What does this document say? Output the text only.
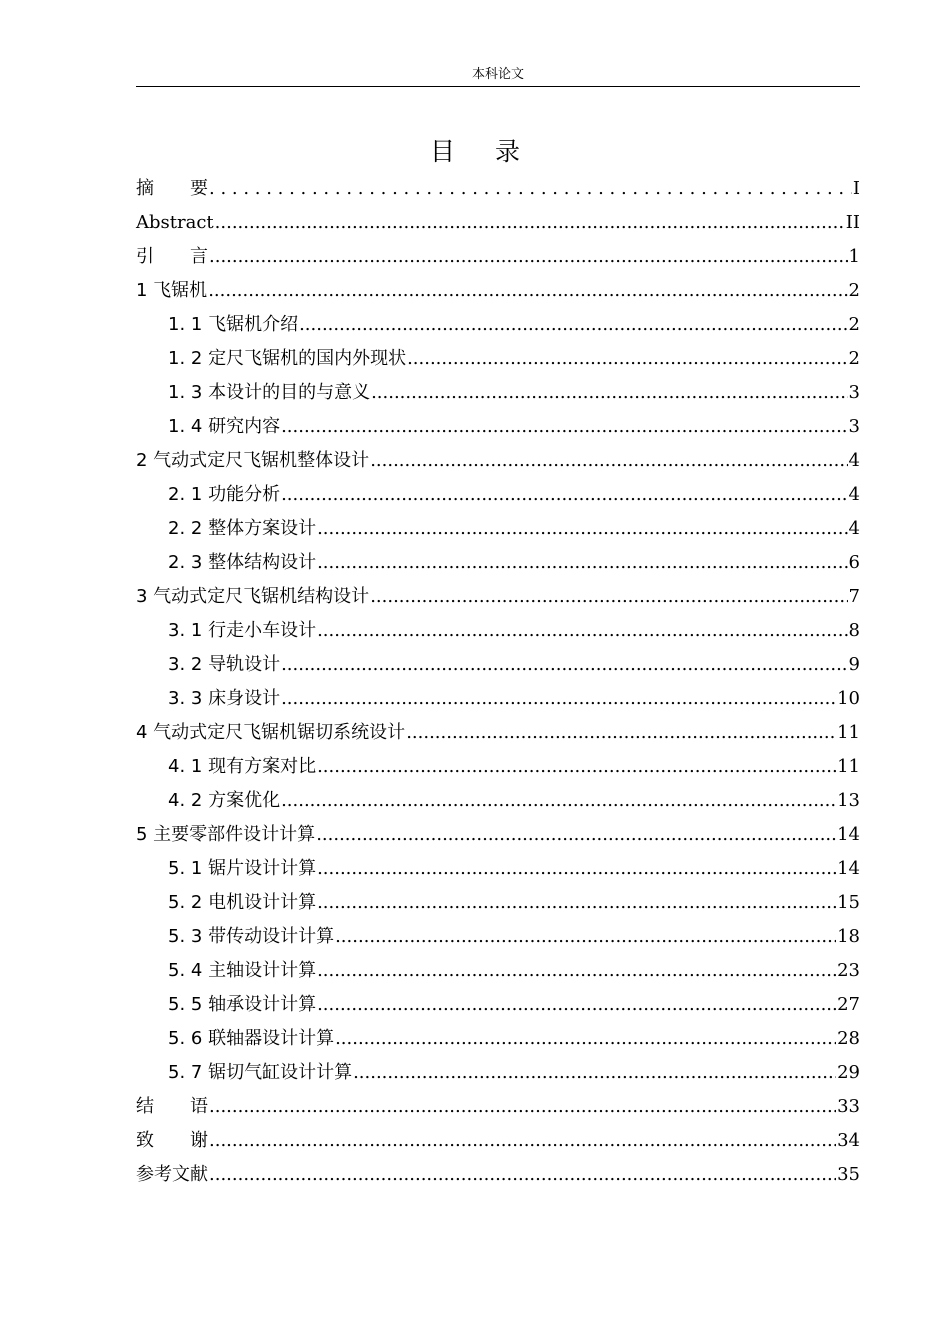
本科论文
目录
摘　　要 . . .	I
Abstract .....	II
引　　言 .....	1
1 飞锯机 .....	2
1. 1 飞锯机介绍 .....	2
1. 2 定尺飞锯机的国内外现状 .....	2
1. 3 本设计的目的与意义 .....	3
1. 4 研究内容 .....	3
2 气动式定尺飞锯机整体设计 .....	4
2. 1 功能分析 .....	4
2. 2 整体方案设计 .....	4
2. 3 整体结构设计 .....	6
3 气动式定尺飞锯机结构设计 .....	7
3. 1 行走小车设计 .....	8
3. 2 导轨设计 .....	9
3. 3 床身设计 .....	10
4 气动式定尺飞锯机锯切系统设计 .....	11
4. 1 现有方案对比 .....	11
4. 2 方案优化 .....	13
5 主要零部件设计计算 .....	14
5. 1 锯片设计计算 .....	14
5. 2 电机设计计算 .....	15
5. 3 带传动设计计算 .....	18
5. 4 主轴设计计算 .....	23
5. 5 轴承设计计算 .....	27
5. 6 联轴器设计计算 .....	28
5. 7 锯切气缸设计计算 .....	29
结　　语 .....	33
致　　谢 .....	34
参考文献 .....	35
